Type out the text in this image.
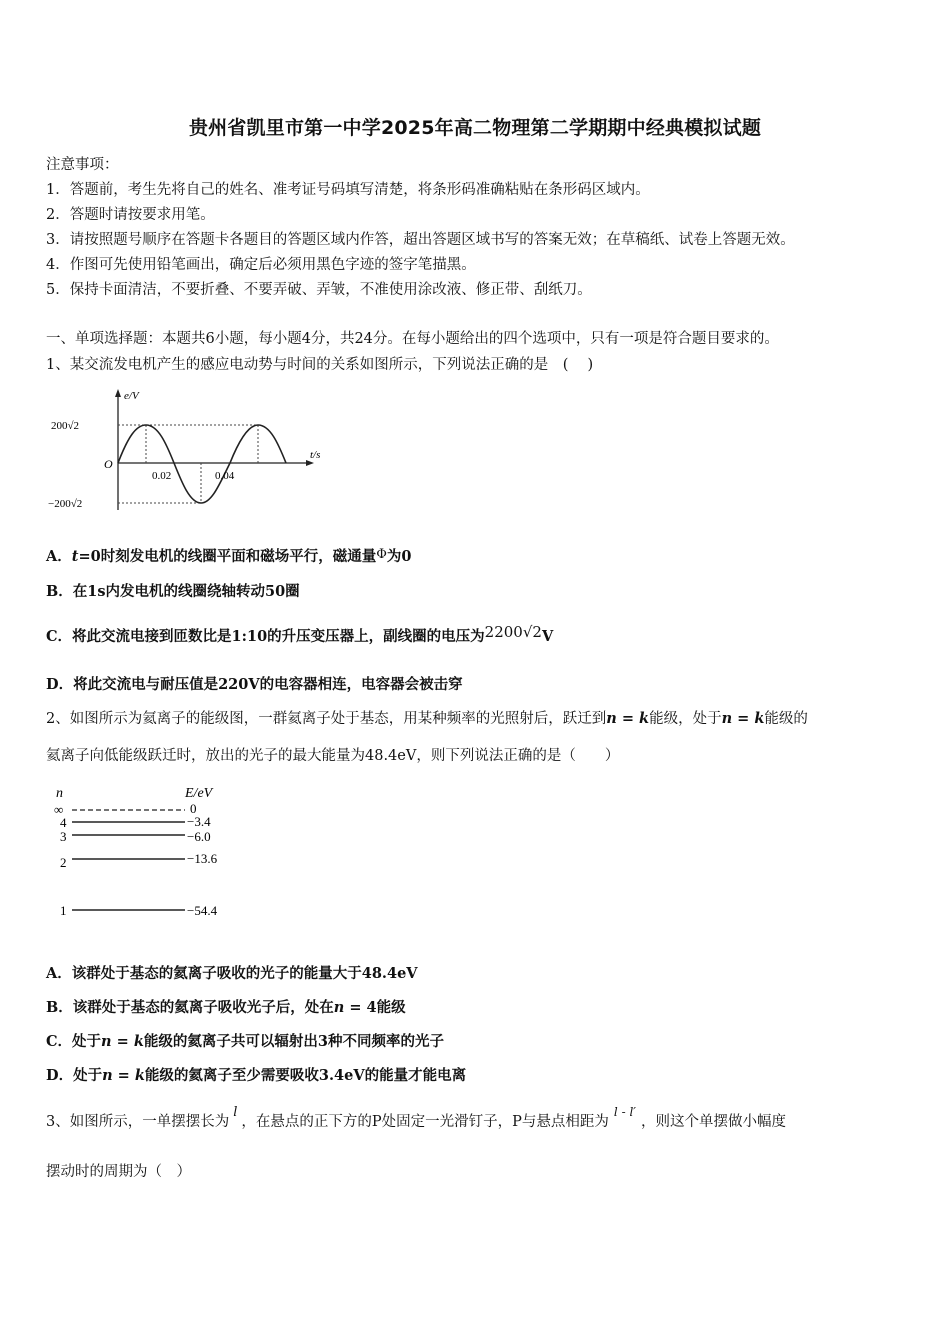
贵州省凯里市第一中学2025年高二物理第二学期期中经典模拟试题
注意事项：
1．答题前，考生先将自己的姓名、准考证号码填写清楚，将条形码准确粘贴在条形码区域内。
2．答题时请按要求用笔。
3．请按照题号顺序在答题卡各题目的答题区域内作答，超出答题区域书写的答案无效；在草稿纸、试卷上答题无效。
4．作图可先使用铅笔画出，确定后必须用黑色字迹的签字笔描黑。
5．保持卡面清洁，不要折叠、不要弄破、弄皱，不准使用涂改液、修正带、刮纸刀。
一、单项选择题：本题共6小题，每小题4分，共24分。在每小题给出的四个选项中，只有一项是符合题目要求的。
1、某交流发电机产生的感应电动势与时间的关系如图所示，下列说法正确的是　(　 )
e/V
t/s
O
200√2
−200√2
0.02	0.04
A．t=0时刻发电机的线圈平面和磁场平行，磁通量Φ为0
B．在1s内发电机的线圈绕轴转动50圈
C．将此交流电接到匝数比是1:10的升压变压器上，副线圈的电压为2200√2V
D．将此交流电与耐压值是220V的电容器相连，电容器会被击穿
2、如图所示为氦离子的能级图，一群氦离子处于基态，用某种频率的光照射后，跃迁到n = k能级，处于n = k能级的
氦离子向低能级跃迁时，放出的光子的最大能量为48.4eV，则下列说法正确的是（　　）
n	E/eV
∞	0
4	−3.4
3	−6.0
2	−13.6
1	−54.4
A．该群处于基态的氦离子吸收的光子的能量大于48.4eV
B．该群处于基态的氦离子吸收光子后，处在n = 4能级
C．处于n = k能级的氦离子共可以辐射出3种不同频率的光子
D．处于n = k能级的氦离子至少需要吸收3.4eV的能量才能电离
3、如图所示，一单摆摆长为l，在悬点的正下方的P处固定一光滑钉子，P与悬点相距为$^{l - l'}$，则这个单摆做小幅度
摆动时的周期为（　）
